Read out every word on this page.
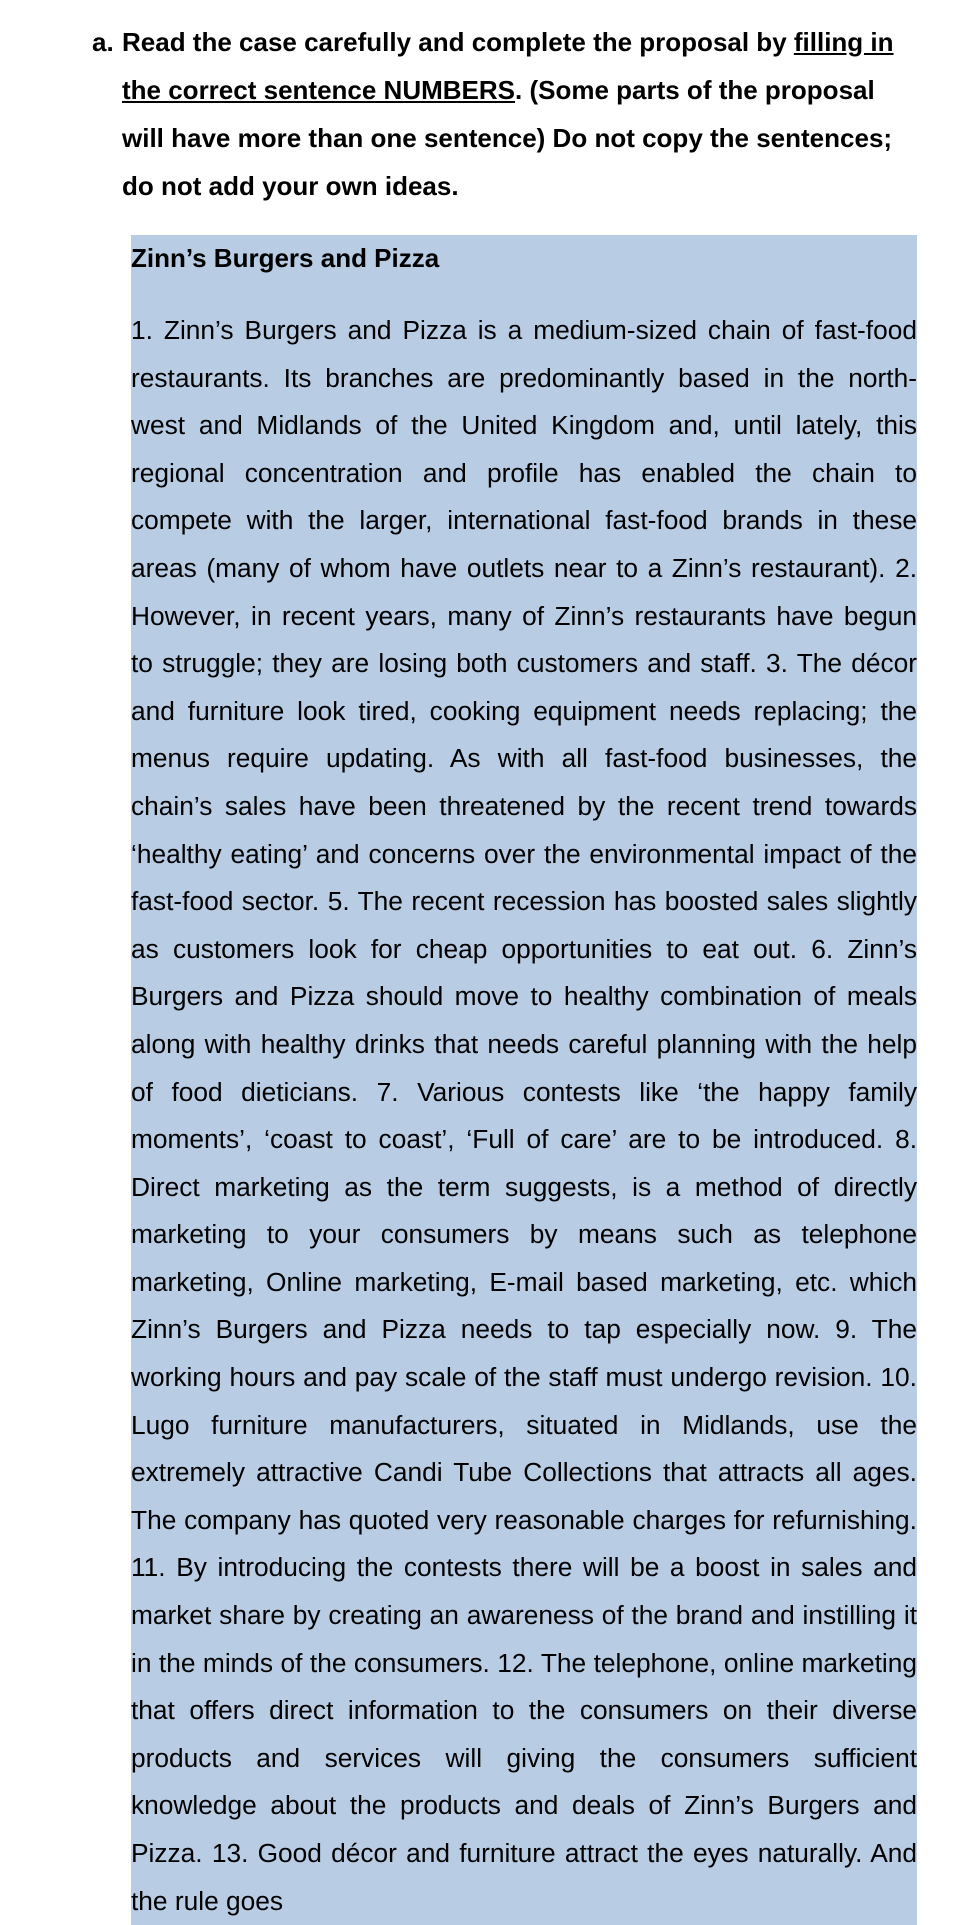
a. Read the case carefully and complete the proposal by filling in the correct sentence NUMBERS. (Some parts of the proposal will have more than one sentence) Do not copy the sentences; do not add your own ideas.
Zinn’s Burgers and Pizza
1. Zinn’s Burgers and Pizza is a medium-sized chain of fast-food restaurants. Its branches are predominantly based in the north-west and Midlands of the United Kingdom and, until lately, this regional concentration and profile has enabled the chain to compete with the larger, international fast-food brands in these areas (many of whom have outlets near to a Zinn’s restaurant). 2. However, in recent years, many of Zinn’s restaurants have begun to struggle; they are losing both customers and staff. 3. The décor and furniture look tired, cooking equipment needs replacing; the menus require updating. As with all fast-food businesses, the chain’s sales have been threatened by the recent trend towards ‘healthy eating’ and concerns over the environmental impact of the fast-food sector. 5. The recent recession has boosted sales slightly as customers look for cheap opportunities to eat out. 6. Zinn’s Burgers and Pizza should move to healthy combination of meals along with healthy drinks that needs careful planning with the help of food dieticians. 7. Various contests like ‘the happy family moments’, ‘coast to coast’, ‘Full of care’ are to be introduced. 8. Direct marketing as the term suggests, is a method of directly marketing to your consumers by means such as telephone marketing, Online marketing, E-mail based marketing, etc. which Zinn’s Burgers and Pizza needs to tap especially now. 9. The working hours and pay scale of the staff must undergo revision. 10. Lugo furniture manufacturers, situated in Midlands, use the extremely attractive Candi Tube Collections that attracts all ages. The company has quoted very reasonable charges for refurnishing. 11. By introducing the contests there will be a boost in sales and market share by creating an awareness of the brand and instilling it in the minds of the consumers. 12. The telephone, online marketing that offers direct information to the consumers on their diverse products and services will giving the consumers sufficient knowledge about the products and deals of Zinn’s Burgers and Pizza. 13. Good décor and furniture attract the eyes naturally. And the rule goes
